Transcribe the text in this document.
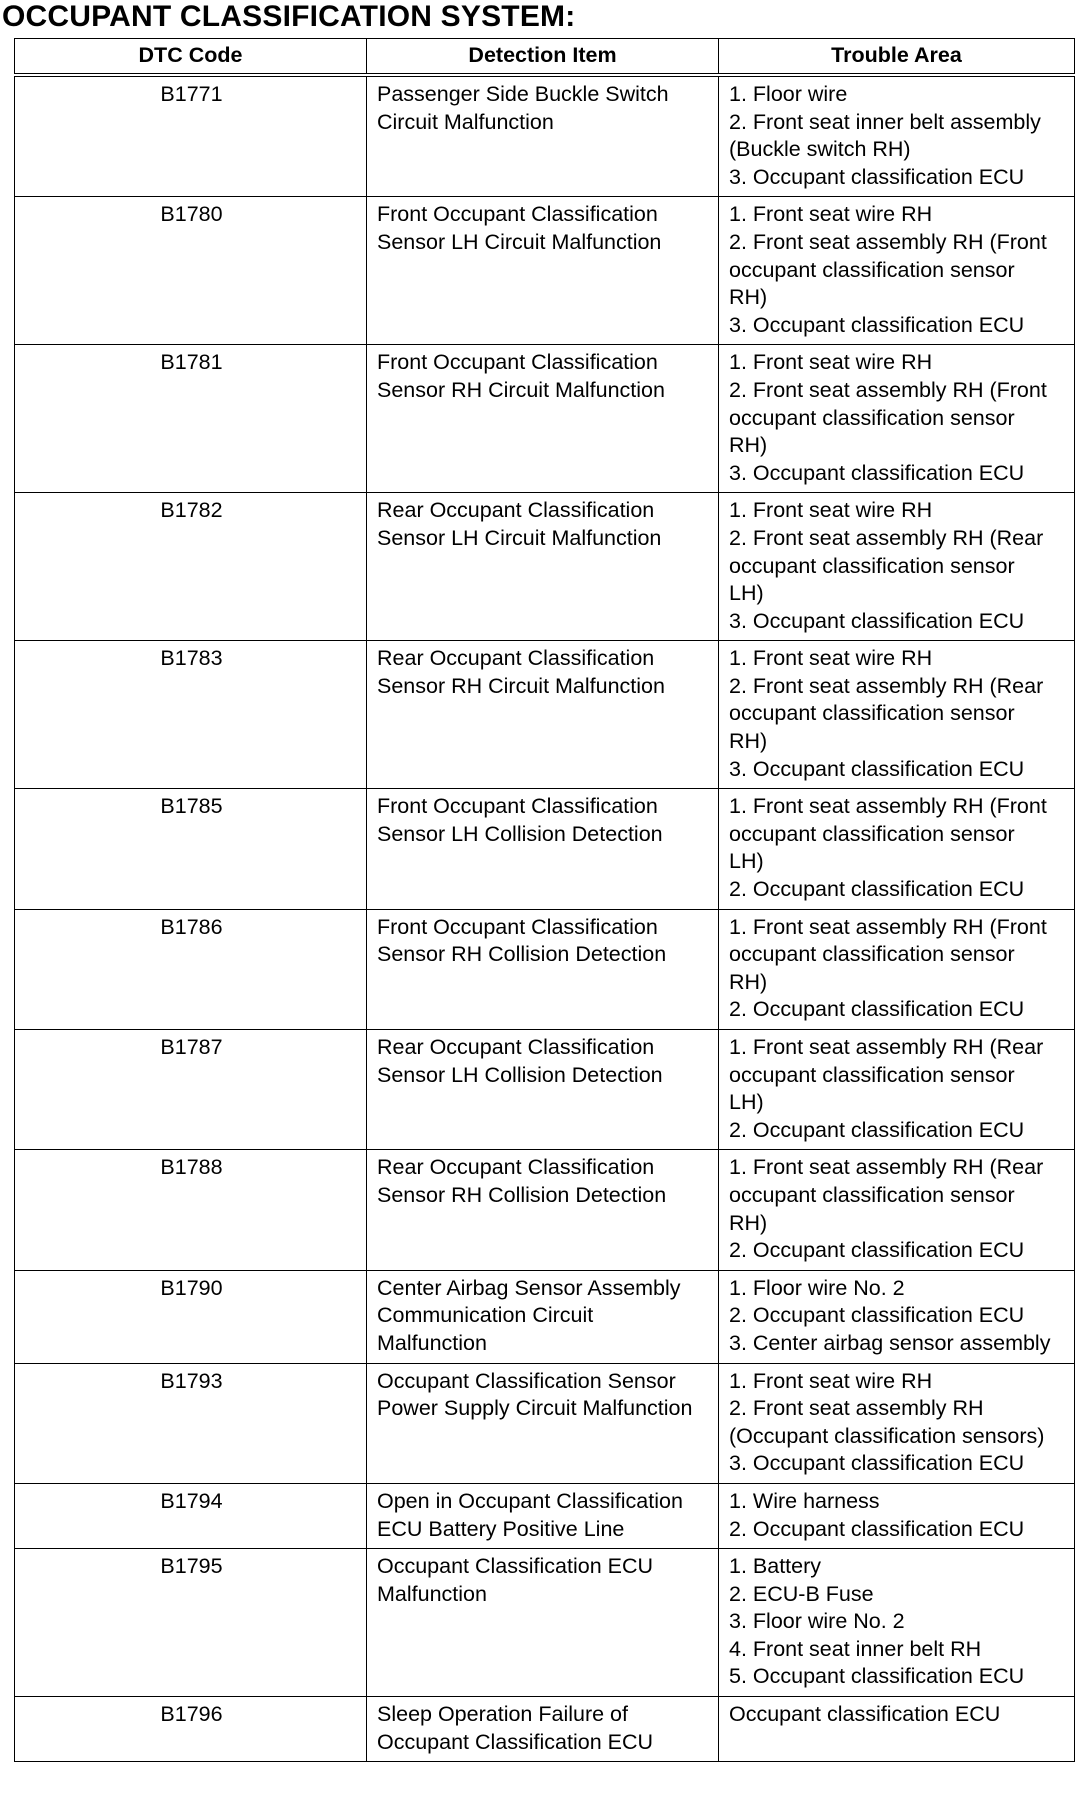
OCCUPANT CLASSIFICATION SYSTEM:
DTC Code	Detection Item	Trouble Area

B1771	Passenger Side Buckle Switch
Circuit Malfunction	1. Floor wire
2. Front seat inner belt assembly
(Buckle switch RH)
3. Occupant classification ECU

B1780	Front Occupant Classification
Sensor LH Circuit Malfunction	1. Front seat wire RH
2. Front seat assembly RH (Front
occupant classification sensor
RH)
3. Occupant classification ECU

B1781	Front Occupant Classification
Sensor RH Circuit Malfunction	1. Front seat wire RH
2. Front seat assembly RH (Front
occupant classification sensor
RH)
3. Occupant classification ECU

B1782	Rear Occupant Classification
Sensor LH Circuit Malfunction	1. Front seat wire RH
2. Front seat assembly RH (Rear
occupant classification sensor
LH)
3. Occupant classification ECU

B1783	Rear Occupant Classification
Sensor RH Circuit Malfunction	1. Front seat wire RH
2. Front seat assembly RH (Rear
occupant classification sensor
RH)
3. Occupant classification ECU

B1785	Front Occupant Classification
Sensor LH Collision Detection	1. Front seat assembly RH (Front
occupant classification sensor
LH)
2. Occupant classification ECU

B1786	Front Occupant Classification
Sensor RH Collision Detection	1. Front seat assembly RH (Front
occupant classification sensor
RH)
2. Occupant classification ECU

B1787	Rear Occupant Classification
Sensor LH Collision Detection	1. Front seat assembly RH (Rear
occupant classification sensor
LH)
2. Occupant classification ECU

B1788	Rear Occupant Classification
Sensor RH Collision Detection	1. Front seat assembly RH (Rear
occupant classification sensor
RH)
2. Occupant classification ECU

B1790	Center Airbag Sensor Assembly
Communication Circuit
Malfunction	1. Floor wire No. 2
2. Occupant classification ECU
3. Center airbag sensor assembly

B1793	Occupant Classification Sensor
Power Supply Circuit Malfunction	1. Front seat wire RH
2. Front seat assembly RH
(Occupant classification sensors)
3. Occupant classification ECU

B1794	Open in Occupant Classification
ECU Battery Positive Line	1. Wire harness
2. Occupant classification ECU

B1795	Occupant Classification ECU
Malfunction	1. Battery
2. ECU-B Fuse
3. Floor wire No. 2
4. Front seat inner belt RH
5. Occupant classification ECU

B1796	Sleep Operation Failure of
Occupant Classification ECU	Occupant classification ECU
